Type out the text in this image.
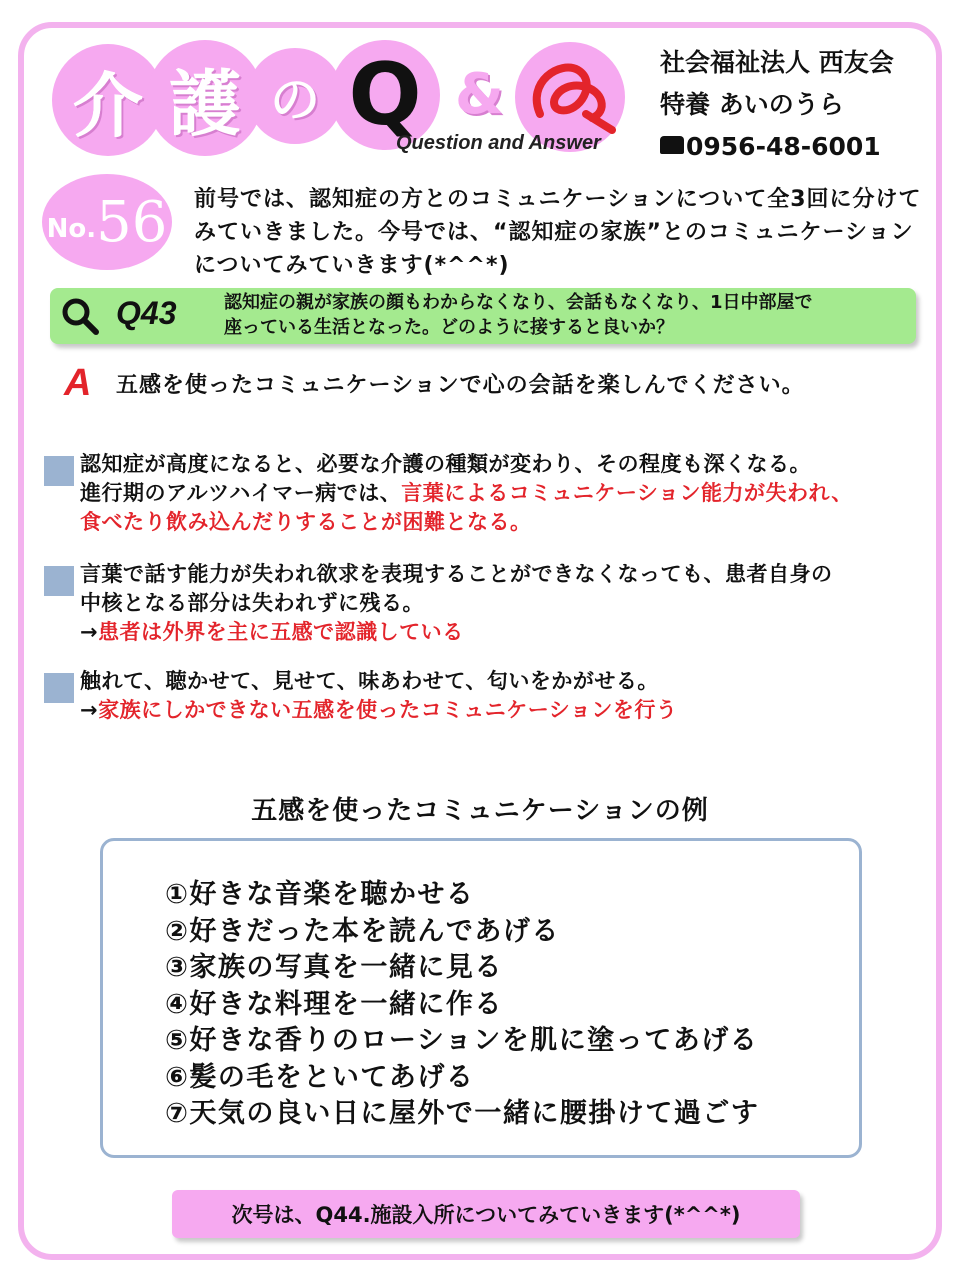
介 護 の Q &
Question and Answer
社会福祉法人 西友会
特養 あいのうら
0956-48-6001
No. 56 前号では、認知症の方とのコミュニケーションについて全3回に分けてみていきました。今号では、“認知症の家族”とのコミュニケーションについてみていきます(*^^*)
Q43	認知症の親が家族の顔もわからなくなり、会話もなくなり、1日中部屋で
座っている生活となった。どのように接すると良いか？
A 五感を使ったコミュニケーションで心の会話を楽しんでください。
認知症が高度になると、必要な介護の種類が変わり、その程度も深くなる。
進行期のアルツハイマー病では、言葉によるコミュニケーション能力が失われ、
食べたり飲み込んだりすることが困難となる。
言葉で話す能力が失われ欲求を表現することができなくなっても、患者自身の
中核となる部分は失われずに残る。
→患者は外界を主に五感で認識している
触れて、聴かせて、見せて、味あわせて、匂いをかがせる。
→家族にしかできない五感を使ったコミュニケーションを行う
五感を使ったコミュニケーションの例
①好きな音楽を聴かせる
②好きだった本を読んであげる
③家族の写真を一緒に見る
④好きな料理を一緒に作る
⑤好きな香りのローションを肌に塗ってあげる
⑥髪の毛をといてあげる
⑦天気の良い日に屋外で一緒に腰掛けて過ごす
次号は、Q44.施設入所についてみていきます(*^^*)
